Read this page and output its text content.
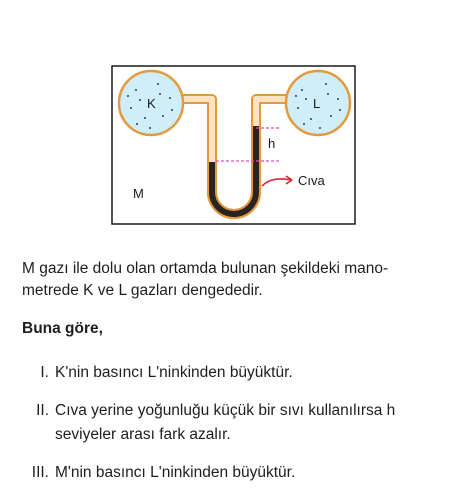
K	L
h
Cıva
M
M gazı ile dolu olan ortamda bulunan şekildeki mano-
metrede K ve L gazları dengededir.
Buna göre,
I. K'nin basıncı L'ninkinden büyüktür.
II. Cıva yerine yoğunluğu küçük bir sıvı kullanılırsa h
seviyeler arası fark azalır.
III. M'nin basıncı L'ninkinden büyüktür.
